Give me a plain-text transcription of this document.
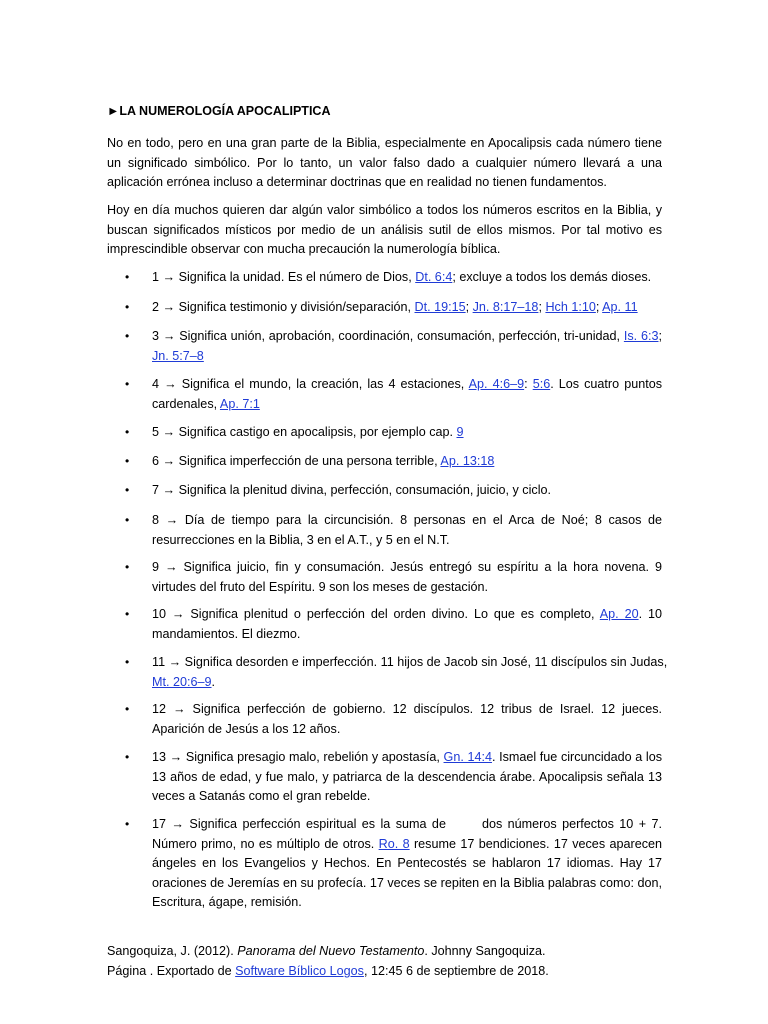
►LA NUMEROLOGÍA APOCALIPTICA
No en todo, pero en una gran parte de la Biblia, especialmente en Apocalipsis cada número tiene
un significado simbólico. Por lo tanto, un valor falso dado a cualquier número llevará a una
aplicación errónea incluso a determinar doctrinas que en realidad no tienen fundamentos.
Hoy en día muchos quieren dar algún valor simbólico a todos los números escritos en la Biblia, y
buscan significados místicos por medio de un análisis sutil de ellos mismos. Por tal motivo es
imprescindible observar con mucha precaución la numerología bíblica.
• 1 → Significa la unidad. Es el número de Dios, Dt. 6:4; excluye a todos los demás dioses.
• 2 → Significa testimonio y división/separación, Dt. 19:15; Jn. 8:17–18; Hch 1:10; Ap. 11
• 3 → Significa unión, aprobación, coordinación, consumación, perfección, tri-unidad, Is. 6:3;
Jn. 5:7–8
• 4 → Significa el mundo, la creación, las 4 estaciones, Ap. 4:6–9: 5:6. Los cuatro puntos
cardenales, Ap. 7:1
• 5 → Significa castigo en apocalipsis, por ejemplo cap. 9
• 6 → Significa imperfección de una persona terrible, Ap. 13:18
• 7 → Significa la plenitud divina, perfección, consumación, juicio, y ciclo.
• 8 → Día de tiempo para la circuncisión. 8 personas en el Arca de Noé; 8 casos de
resurrecciones en la Biblia, 3 en el A.T., y 5 en el N.T.
• 9 → Significa juicio, fin y consumación. Jesús entregó su espíritu a la hora novena. 9
virtudes del fruto del Espíritu. 9 son los meses de gestación.
• 10 → Significa plenitud o perfección del orden divino. Lo que es completo, Ap. 20. 10
mandamientos. El diezmo.
• 11 → Significa desorden e imperfección. 11 hijos de Jacob sin José, 11 discípulos sin Judas,
Mt. 20:6–9.
• 12 → Significa perfección de gobierno. 12 discípulos. 12 tribus de Israel. 12 jueces.
Aparición de Jesús a los 12 años.
• 13 → Significa presagio malo, rebelión y apostasía, Gn. 14:4. Ismael fue circuncidado a los
13 años de edad, y fue malo, y patriarca de la descendencia árabe. Apocalipsis señala 13
veces a Satanás como el gran rebelde.
• 17 → Significa perfección espiritual es la suma de	dos números perfectos 10 + 7.
Número primo, no es múltiplo de otros. Ro. 8 resume 17 bendiciones. 17 veces aparecen
ángeles en los Evangelios y Hechos. En Pentecostés se hablaron 17 idiomas. Hay 17
oraciones de Jeremías en su profecía. 17 veces se repiten en la Biblia palabras como: don,
Escritura, ágape, remisión.
Sangoquiza, J. (2012). Panorama del Nuevo Testamento. Johnny Sangoquiza.
Página . Exportado de Software Bíblico Logos, 12:45 6 de septiembre de 2018.
